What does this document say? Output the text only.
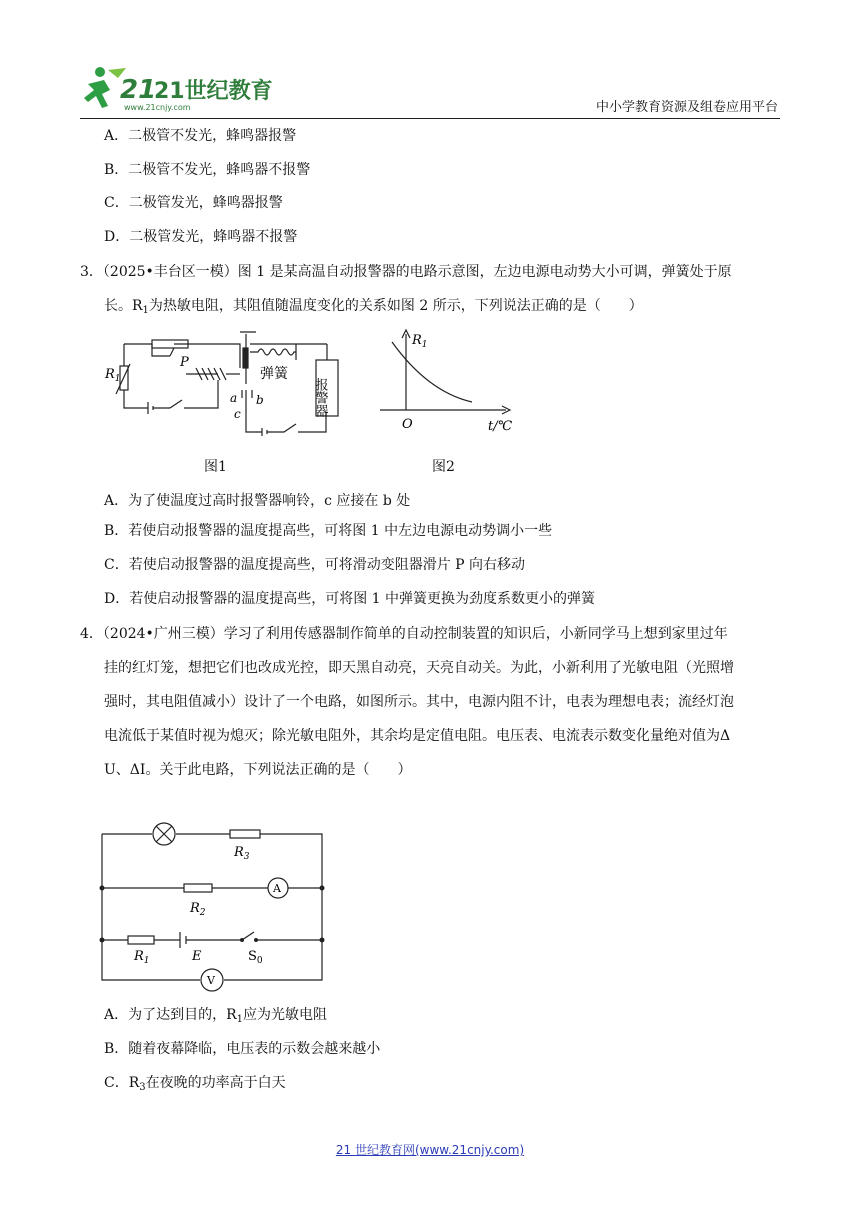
21
21世纪教育
www.21cnjy.com	中小学教育资源及组卷应用平台
A．二极管不发光，蜂鸣器报警
B．二极管不发光，蜂鸣器不报警
C．二极管发光，蜂鸣器报警
D．二极管发光，蜂鸣器不报警
3．（2025•丰台区一模）图 1 是某高温自动报警器的电路示意图，左边电源电动势大小可调，弹簧处于原
长。$R_1$为热敏电阻，其阻值随温度变化的关系如图 2 所示，下列说法正确的是（　　）
$R_1$
P
弹簧
a b
c	报警器
图1
$R_1$
O	t/℃
图2
A．为了使温度过高时报警器响铃，c 应接在 b 处
B．若使启动报警器的温度提高些，可将图 1 中左边电源电动势调小一些
C．若使启动报警器的温度提高些，可将滑动变阻器滑片 P 向右移动
D．若使启动报警器的温度提高些，可将图 1 中弹簧更换为劲度系数更小的弹簧
4．（2024•广州三模）学习了利用传感器制作简单的自动控制装置的知识后，小新同学马上想到家里过年
挂的红灯笼，想把它们也改成光控，即天黑自动亮，天亮自动关。为此，小新利用了光敏电阻（光照增
强时，其电阻值减小）设计了一个电路，如图所示。其中，电源内阻不计，电表为理想电表；流经灯泡
电流低于某值时视为熄灭；除光敏电阻外，其余均是定值电阻。电压表、电流表示数变化量绝对值为Δ
U、ΔI。关于此电路，下列说法正确的是（　　）
$R_3$
$R_2$
$R_1$	E	$S_0$
A
V
A．为了达到目的，$R_1$应为光敏电阻
B．随着夜幕降临，电压表的示数会越来越小
C．$R_3$在夜晚的功率高于白天
21 世纪教育网(www.21cnjy.com)
